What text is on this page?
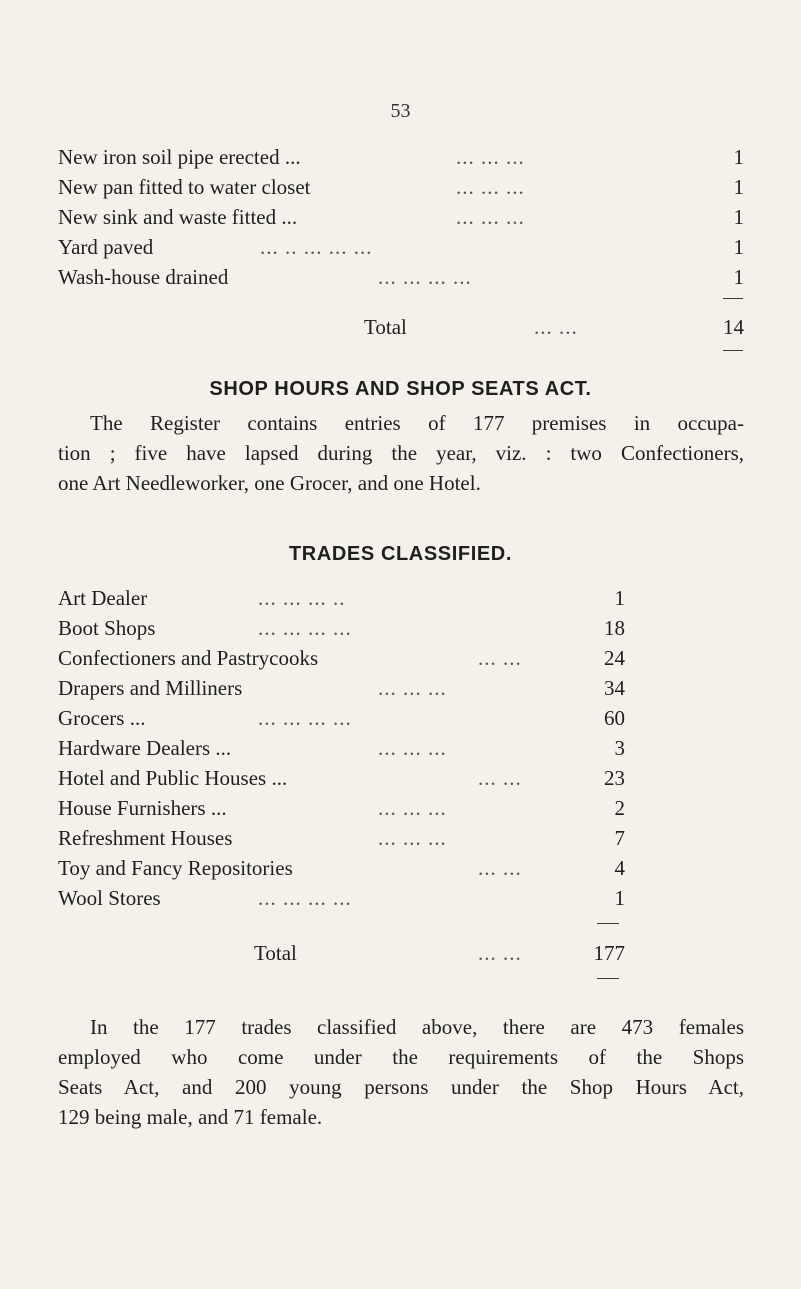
53
New iron soil pipe erected ...	... ... ...	1
New pan fitted to water closet	... ... ...	1
New sink and waste fitted ...	... ... ...	1
Yard paved	... .. ... ... ...	1
Wash-house drained	... ... ... ...	1
Total	... ...	14
SHOP HOURS AND SHOP SEATS ACT.
The Register contains entries of 177 premises in occupa-
tion ; five have lapsed during the year, viz. : two Confectioners,
one Art Needleworker, one Grocer, and one Hotel.
TRADES CLASSIFIED.
Art Dealer	... ... ... ..	1
Boot Shops	... ... ... ...	18
Confectioners and Pastrycooks	... ...	24
Drapers and Milliners	... ... ...	34
Grocers ...	... ... ... ...	60
Hardware Dealers ...	... ... ...	3
Hotel and Public Houses ...	... ...	23
House Furnishers ...	... ... ...	2
Refreshment Houses	... ... ...	7
Toy and Fancy Repositories	... ...	4
Wool Stores	... ... ... ...	1
Total	... ...	177
In the 177 trades classified above, there are 473 females
employed who come under the requirements of the Shops
Seats Act, and 200 young persons under the Shop Hours Act,
129 being male, and 71 female.
